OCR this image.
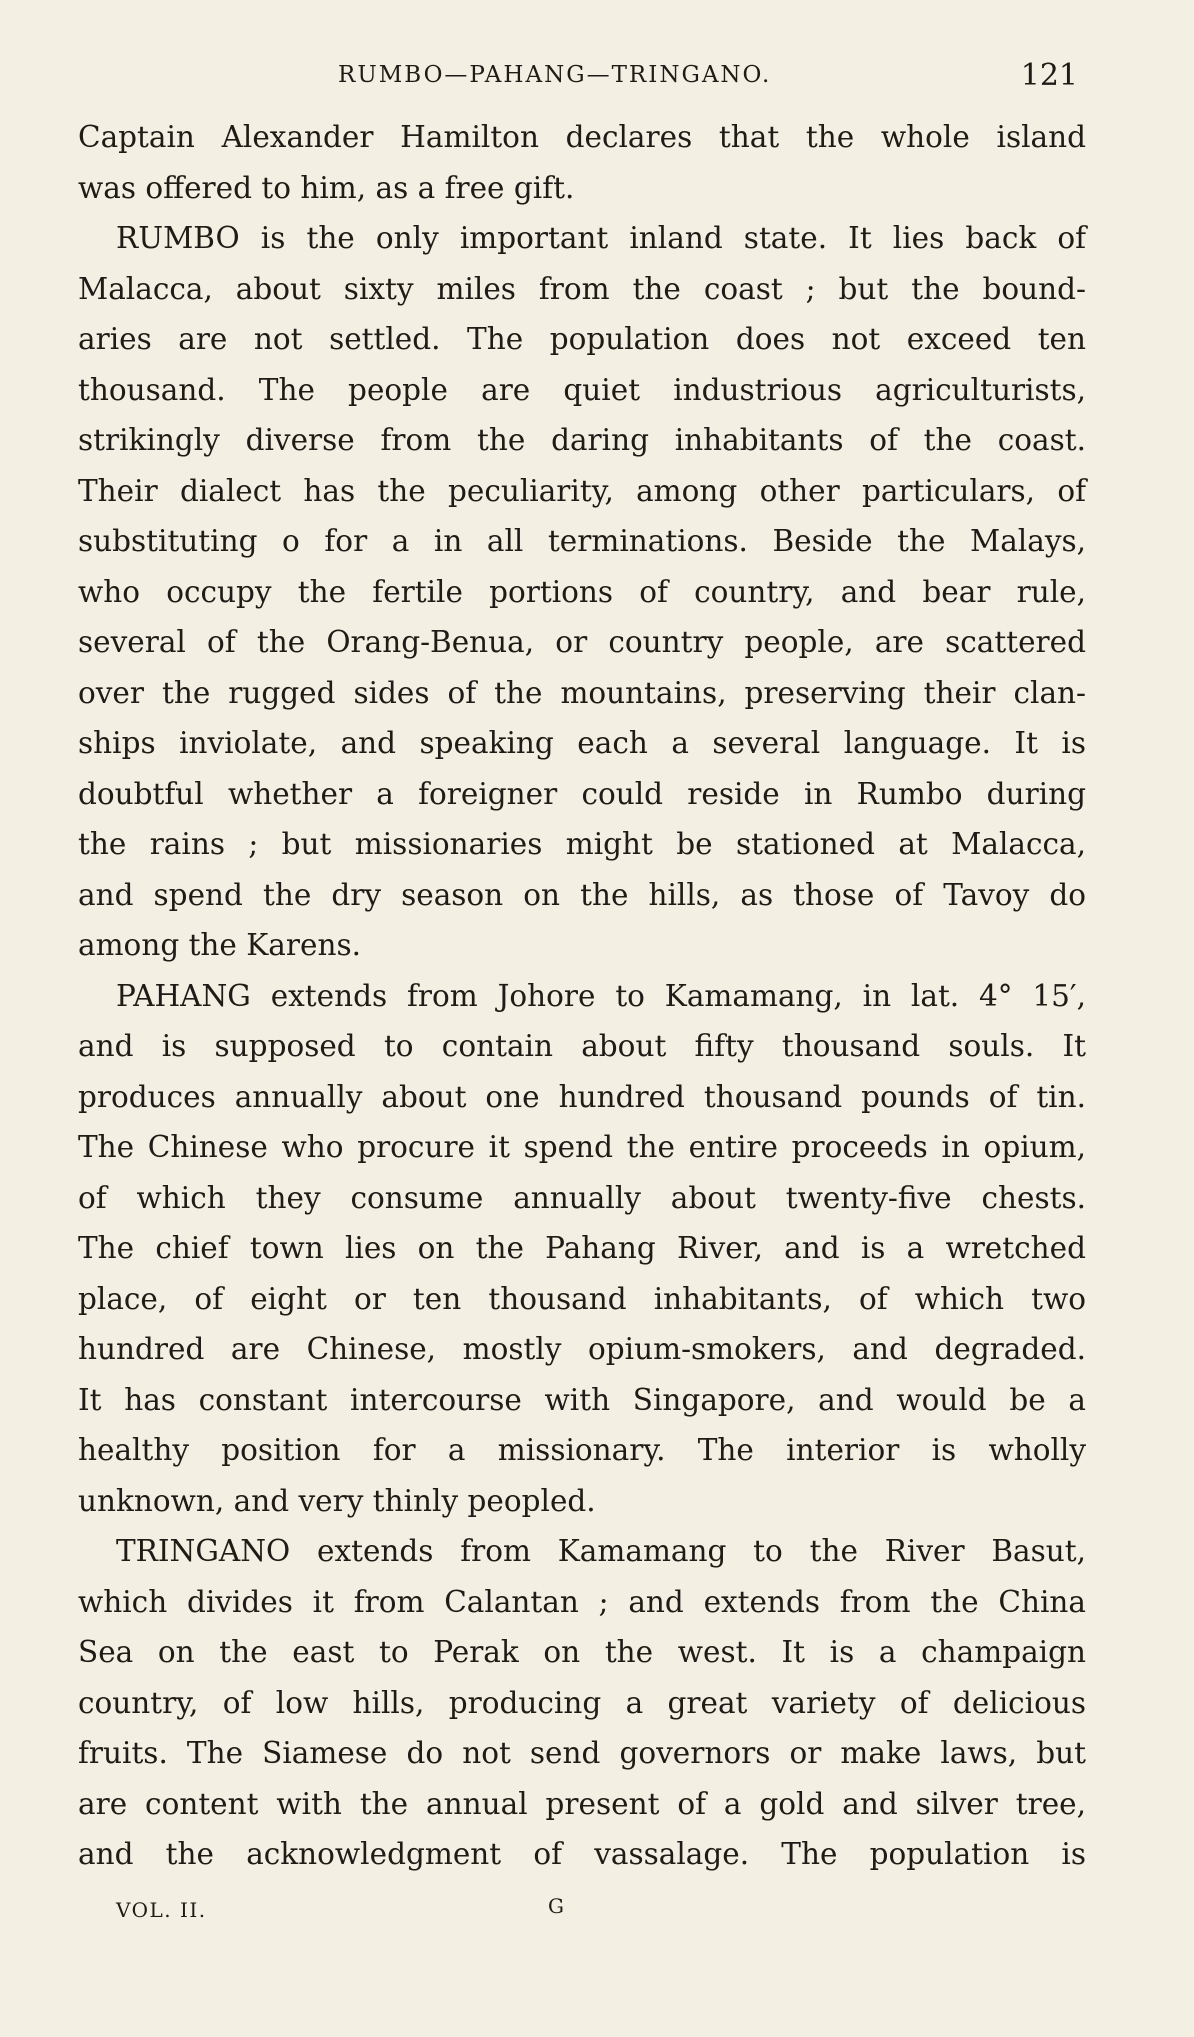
RUMBO—PAHANG—TRINGANO.	121
Captain Alexander Hamilton declares that the whole island
was offered to him, as a free gift.
RUMBO is the only important inland state. It lies back of
Malacca, about sixty miles from the coast ; but the bound-
aries are not settled. The population does not exceed ten
thousand. The people are quiet industrious agriculturists,
strikingly diverse from the daring inhabitants of the coast.
Their dialect has the peculiarity, among other particulars, of
substituting o for a in all terminations. Beside the Malays,
who occupy the fertile portions of country, and bear rule,
several of the Orang-Benua, or country people, are scattered
over the rugged sides of the mountains, preserving their clan-
ships inviolate, and speaking each a several language. It is
doubtful whether a foreigner could reside in Rumbo during
the rains ; but missionaries might be stationed at Malacca,
and spend the dry season on the hills, as those of Tavoy do
among the Karens.
PAHANG extends from Johore to Kamamang, in lat. 4° 15′,
and is supposed to contain about fifty thousand souls. It
produces annually about one hundred thousand pounds of tin.
The Chinese who procure it spend the entire proceeds in opium,
of which they consume annually about twenty-five chests.
The chief town lies on the Pahang River, and is a wretched
place, of eight or ten thousand inhabitants, of which two
hundred are Chinese, mostly opium-smokers, and degraded.
It has constant intercourse with Singapore, and would be a
healthy position for a missionary. The interior is wholly
unknown, and very thinly peopled.
TRINGANO extends from Kamamang to the River Basut,
which divides it from Calantan ; and extends from the China
Sea on the east to Perak on the west. It is a champaign
country, of low hills, producing a great variety of delicious
fruits. The Siamese do not send governors or make laws, but
are content with the annual present of a gold and silver tree,
and the acknowledgment of vassalage. The population is
VOL. II.	G
